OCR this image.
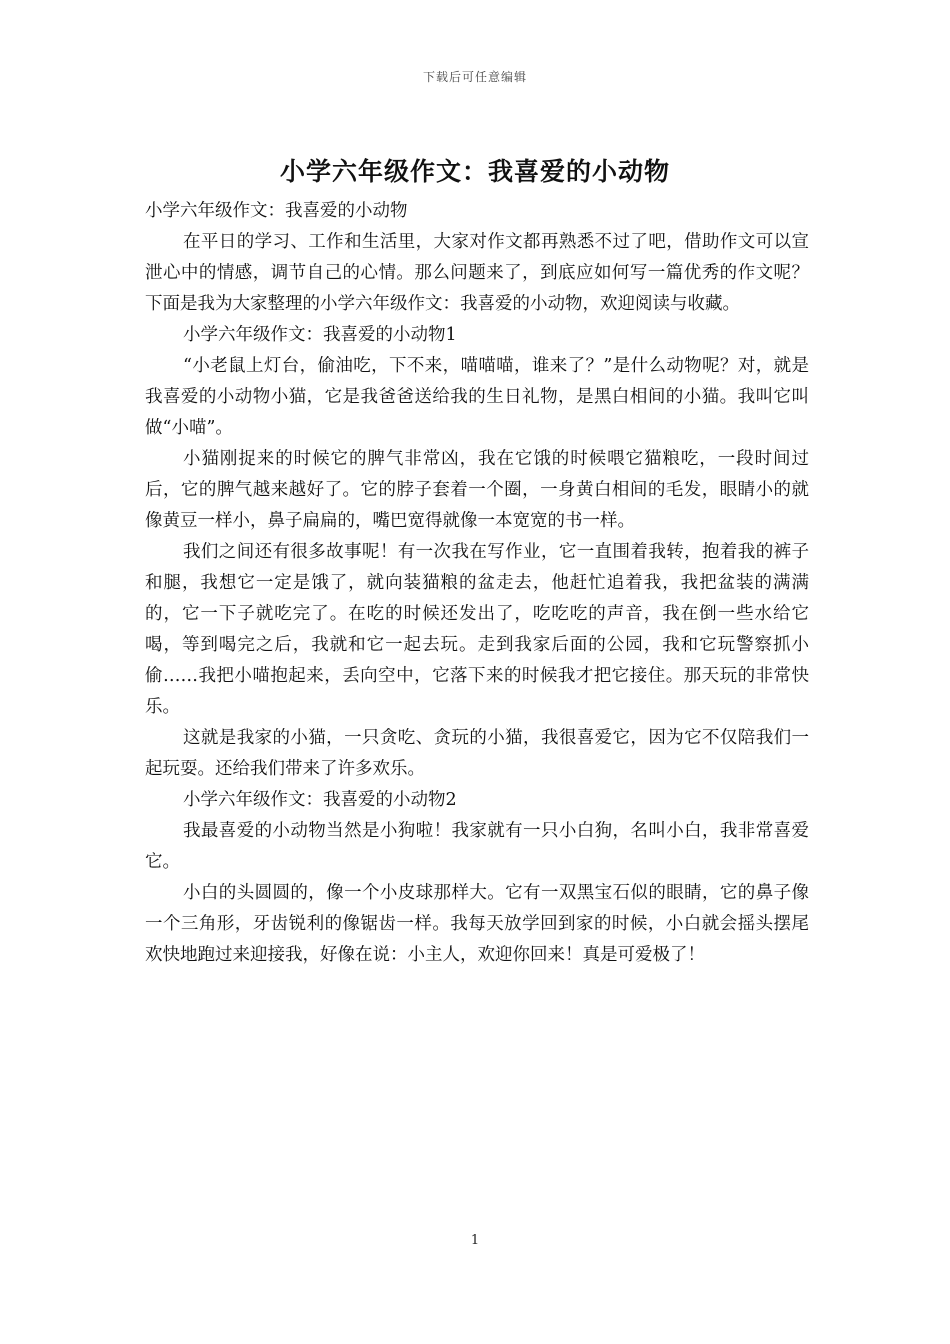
下载后可任意编辑
小学六年级作文：我喜爱的小动物

小学六年级作文：我喜爱的小动物

在平日的学习、工作和生活里，大家对作文都再熟悉不过了吧，借助作文可以宣泄心中的情感，调节自己的心情。那么问题来了，到底应如何写一篇优秀的作文呢？下面是我为大家整理的小学六年级作文：我喜爱的小动物，欢迎阅读与收藏。

小学六年级作文：我喜爱的小动物1

“小老鼠上灯台，偷油吃，下不来，喵喵喵，谁来了？”是什么动物呢？对，就是我喜爱的小动物小猫，它是我爸爸送给我的生日礼物，是黑白相间的小猫。我叫它叫做“小喵”。

小猫刚捉来的时候它的脾气非常凶，我在它饿的时候喂它猫粮吃，一段时间过后，它的脾气越来越好了。它的脖子套着一个圈，一身黄白相间的毛发，眼睛小的就像黄豆一样小，鼻子扁扁的，嘴巴宽得就像一本宽宽的书一样。

我们之间还有很多故事呢！有一次我在写作业，它一直围着我转，抱着我的裤子和腿，我想它一定是饿了，就向装猫粮的盆走去，他赶忙追着我，我把盆装的满满的，它一下子就吃完了。在吃的时候还发出了，吃吃吃的声音，我在倒一些水给它喝，等到喝完之后，我就和它一起去玩。走到我家后面的公园，我和它玩警察抓小偷……我把小喵抱起来，丢向空中，它落下来的时候我才把它接住。那天玩的非常快乐。

这就是我家的小猫，一只贪吃、贪玩的小猫，我很喜爱它，因为它不仅陪我们一起玩耍。还给我们带来了许多欢乐。

小学六年级作文：我喜爱的小动物2

我最喜爱的小动物当然是小狗啦！我家就有一只小白狗，名叫小白，我非常喜爱它。

小白的头圆圆的，像一个小皮球那样大。它有一双黑宝石似的眼睛，它的鼻子像一个三角形，牙齿锐利的像锯齿一样。我每天放学回到家的时候，小白就会摇头摆尾欢快地跑过来迎接我，好像在说：小主人，欢迎你回来！真是可爱极了！

1
